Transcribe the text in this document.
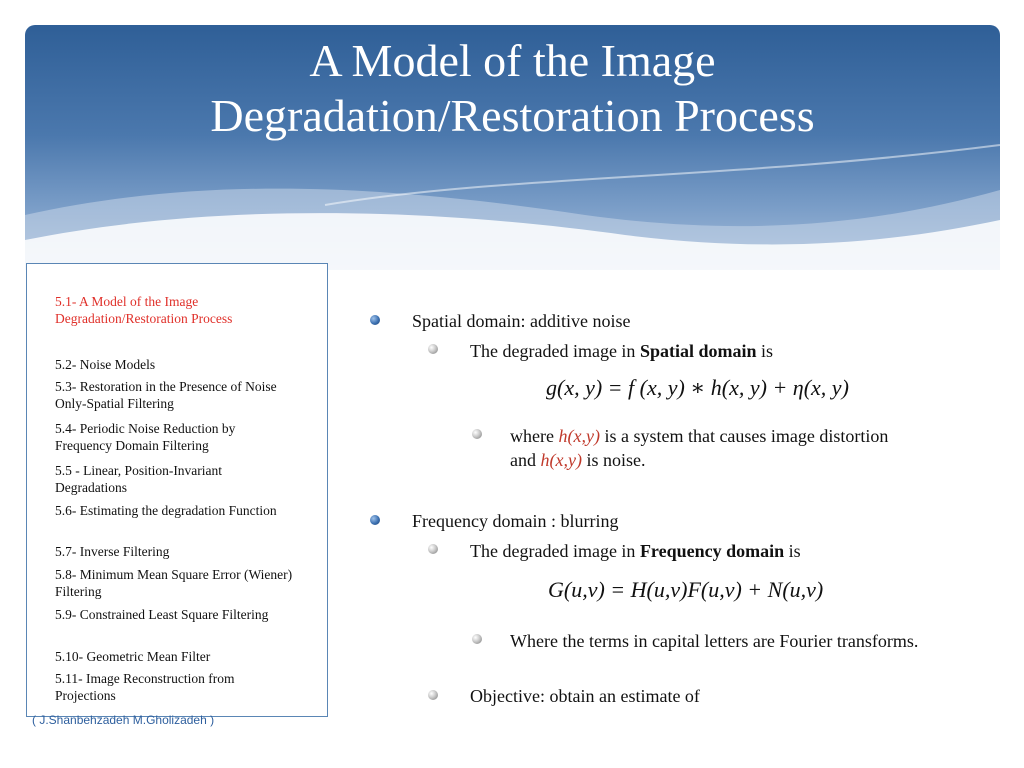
A Model of the Image
Degradation/Restoration Process
5.1- A Model of the Image Degradation/Restoration Process
5.2- Noise Models
5.3- Restoration in the Presence of Noise Only-Spatial Filtering
5.4- Periodic Noise Reduction by Frequency Domain Filtering
5.5 - Linear, Position-Invariant Degradations
5.6- Estimating the degradation Function
5.7- Inverse Filtering
5.8- Minimum Mean Square Error (Wiener) Filtering
5.9- Constrained Least Square Filtering
5.10- Geometric Mean Filter
5.11- Image Reconstruction from Projections
( J.Shanbehzadeh M.Gholizadeh )
Spatial domain: additive noise
The degraded image in Spatial domain is
g(x, y) = f (x, y) ∗ h(x, y) + η(x, y)
where h(x,y) is a system that causes image distortion and h(x,y) is noise.
Frequency domain : blurring
The degraded image in Frequency domain is
G(u,v) = H(u,v)F(u,v) + N(u,v)
Where the terms in capital letters are Fourier transforms.
Objective: obtain an estimate of
